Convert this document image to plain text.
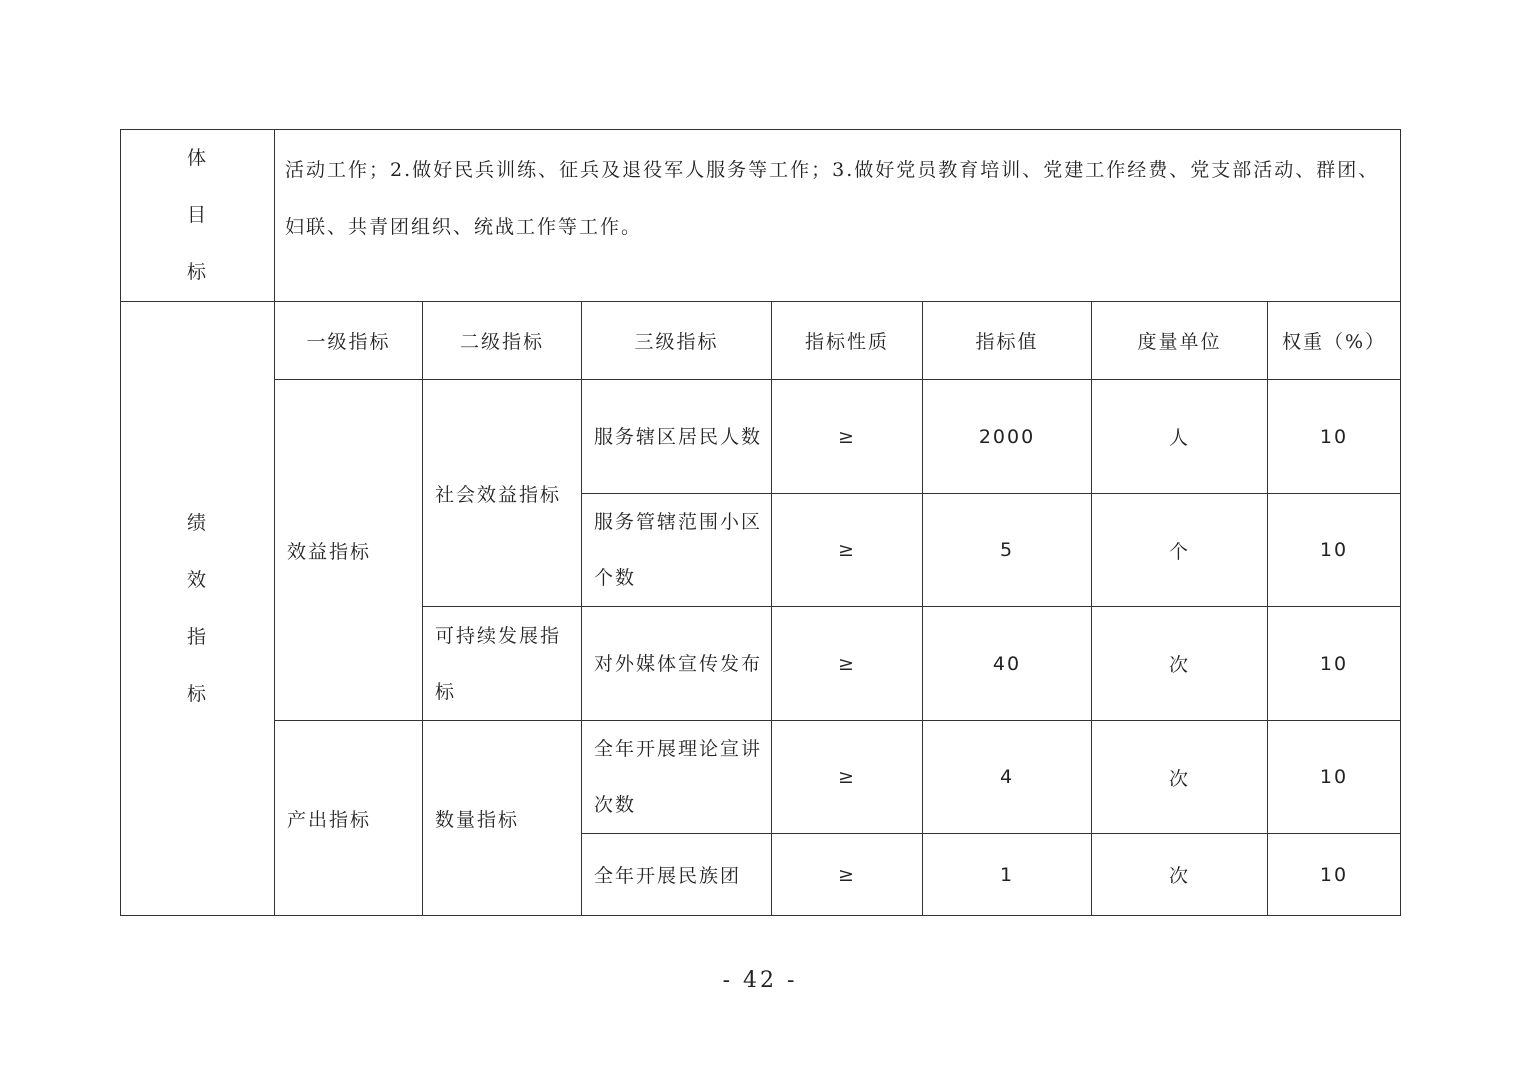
体
目
标	活动工作；2.做好民兵训练、征兵及退役军人服务等工作；3.做好党员教育培训、党建工作经费、党支部活动、群团、妇联、共青团组织、统战工作等工作。						

绩
效
指
标	一级指标	二级指标	三级指标	指标性质	指标值	度量单位	权重（%）
	效益指标	社会效益指标	服务辖区居民人数	≥	2000	人	10
			服务管辖范围小区个数	≥	5	个	10
		可持续发展指标	对外媒体宣传发布	≥	40	次	10
	产出指标	数量指标	全年开展理论宣讲次数	≥	4	次	10
			全年开展民族团	≥	1	次	10
- 42 -
